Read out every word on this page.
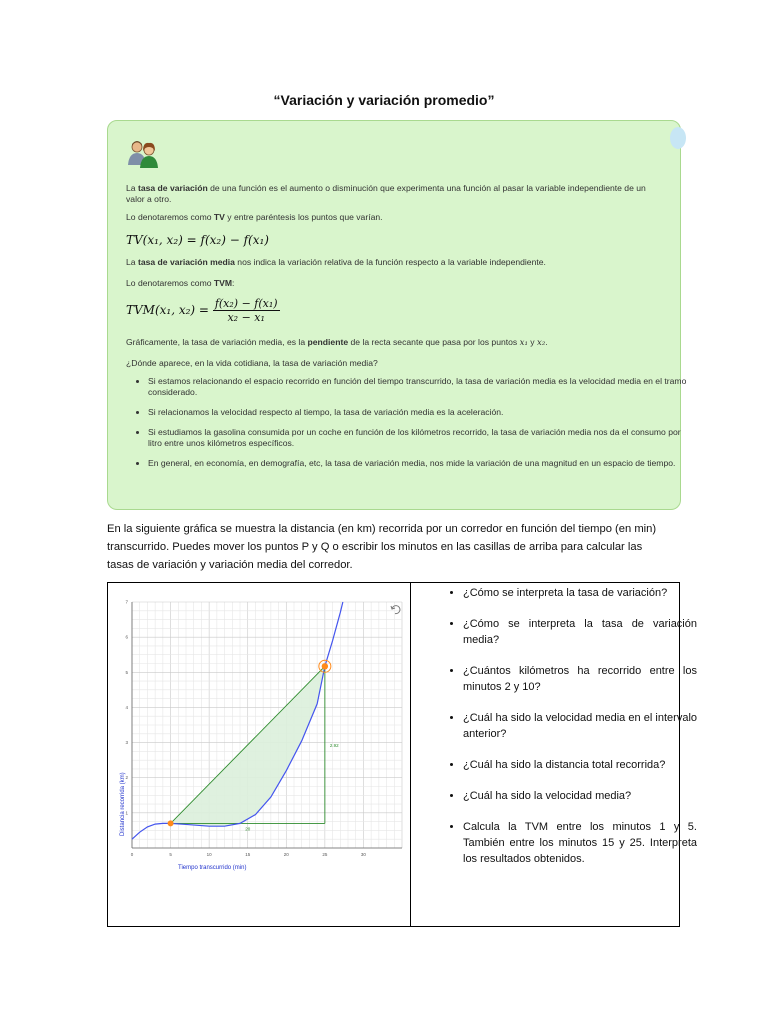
“Variación y variación promedio”
La tasa de variación de una función es el aumento o disminución que experimenta una función al pasar la variable independiente de un valor a otro.
Lo denotaremos como TV y entre paréntesis los puntos que varían.
TV(x₁, x₂) = f(x₂) − f(x₁)
La tasa de variación media nos indica la variación relativa de la función respecto a la variable independiente.
Lo denotaremos como TVM:
TVM(x₁, $x_2) = \frac{\text{f(x₂) − f(x₁)}}{\text{x₂ − x₁}}$
Gráficamente, la tasa de variación media, es la pendiente de la recta secante que pasa por los puntos x₁ y x₂.
¿Dónde aparece, en la vida cotidiana, la tasa de variación media?
• Si estamos relacionando el espacio recorrido en función del tiempo transcurrido, la tasa de variación media es la velocidad media en el tramo considerado.
• Si relacionamos la velocidad respecto al tiempo, la tasa de variación media es la aceleración.
• Si estudiamos la gasolina consumida por un coche en función de los kilómetros recorrido, la tasa de variación media nos da el consumo por litro entre unos kilómetros específicos.
• En general, en economía, en demografía, etc, la tasa de variación media, nos mide la variación de una magnitud en un espacio de tiempo.
En la siguiente gráfica se muestra la distancia (en km) recorrida por un corredor en función del tiempo (en min) transcurrido. Puedes mover los puntos P y Q o escribir los minutos en las casillas de arriba para calcular las tasas de variación y variación media del corredor.
20
2.92
0	5	10	15	20	25	30
1
2
3
4
5
6
7
Tiempo transcurrido (min)
Distancia recorrida (km)
• ¿Cómo se interpreta la tasa de variación?
• ¿Cómo se interpreta la tasa de variación media?
• ¿Cuántos kilómetros ha recorrido entre los minutos 2 y 10?
• ¿Cuál ha sido la velocidad media en el intervalo anterior?
• ¿Cuál ha sido la distancia total recorrida?
• ¿Cuál ha sido la velocidad media?
• Calcula la TVM entre los minutos 1 y 5. También entre los minutos 15 y 25. Interpreta los resultados obtenidos.
